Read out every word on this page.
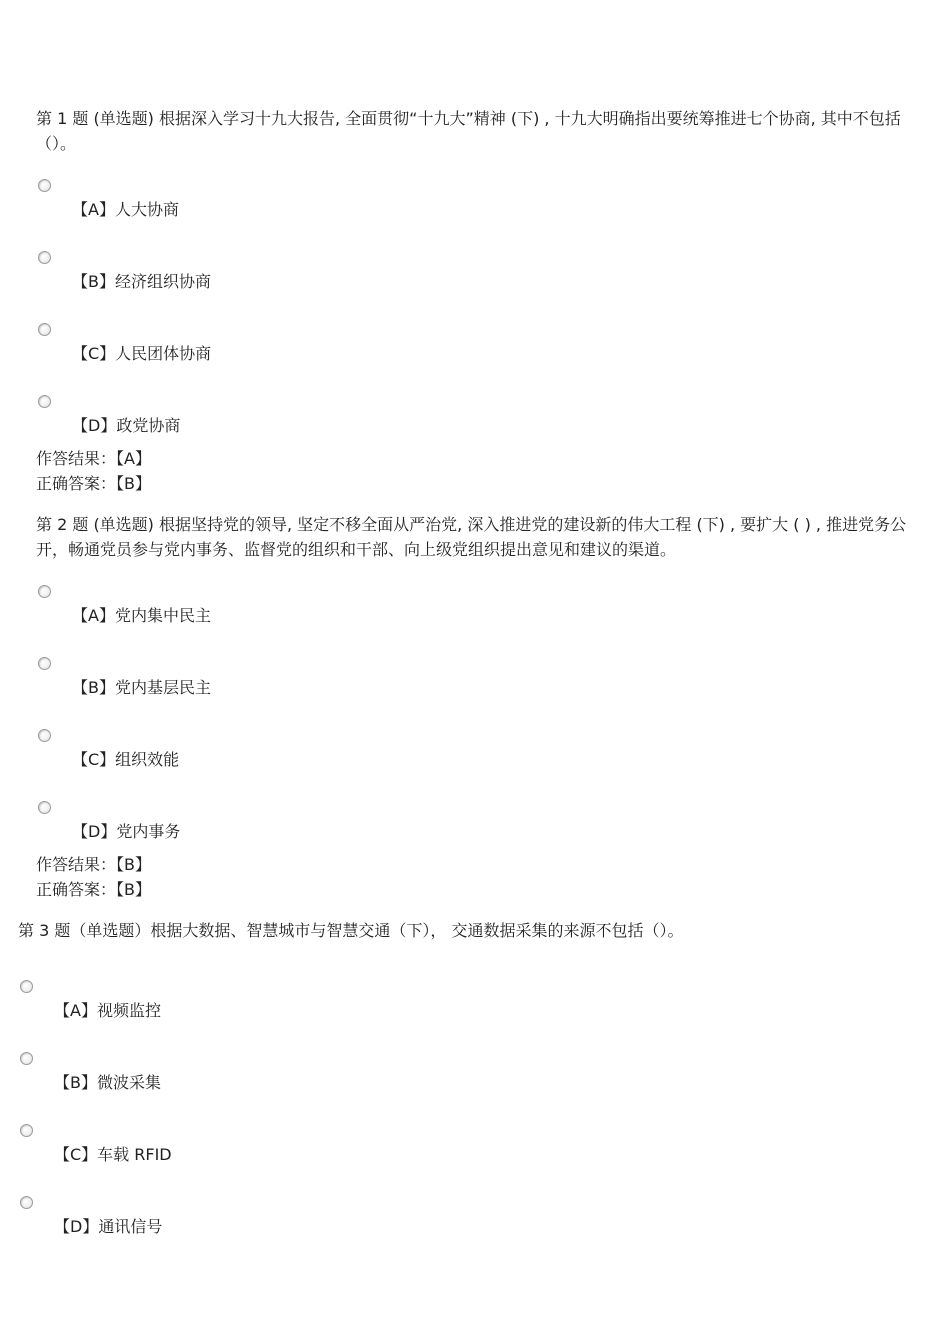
第 1 题 (单选题) 根据深入学习十九大报告, 全面贯彻“十九大”精神 (下) , 十九大明确指出要统筹推进七个协商, 其中不包括（）。

【A】人大协商
【B】经济组织协商
【C】人民团体协商
【D】政党协商
作答结果：【A】
正确答案：【B】

第 2 题 (单选题) 根据坚持党的领导, 坚定不移全面从严治党, 深入推进党的建设新的伟大工程 (下) , 要扩大 ( ) , 推进党务公开，畅通党员参与党内事务、监督党的组织和干部、向上级党组织提出意见和建议的渠道。

【A】党内集中民主
【B】党内基层民主
【C】组织效能
【D】党内事务
作答结果：【B】
正确答案：【B】

第 3 题（单选题）根据大数据、智慧城市与智慧交通（下）， 交通数据采集的来源不包括（）。

【A】视频监控
【B】微波采集
【C】车载 RFID
【D】通讯信号
